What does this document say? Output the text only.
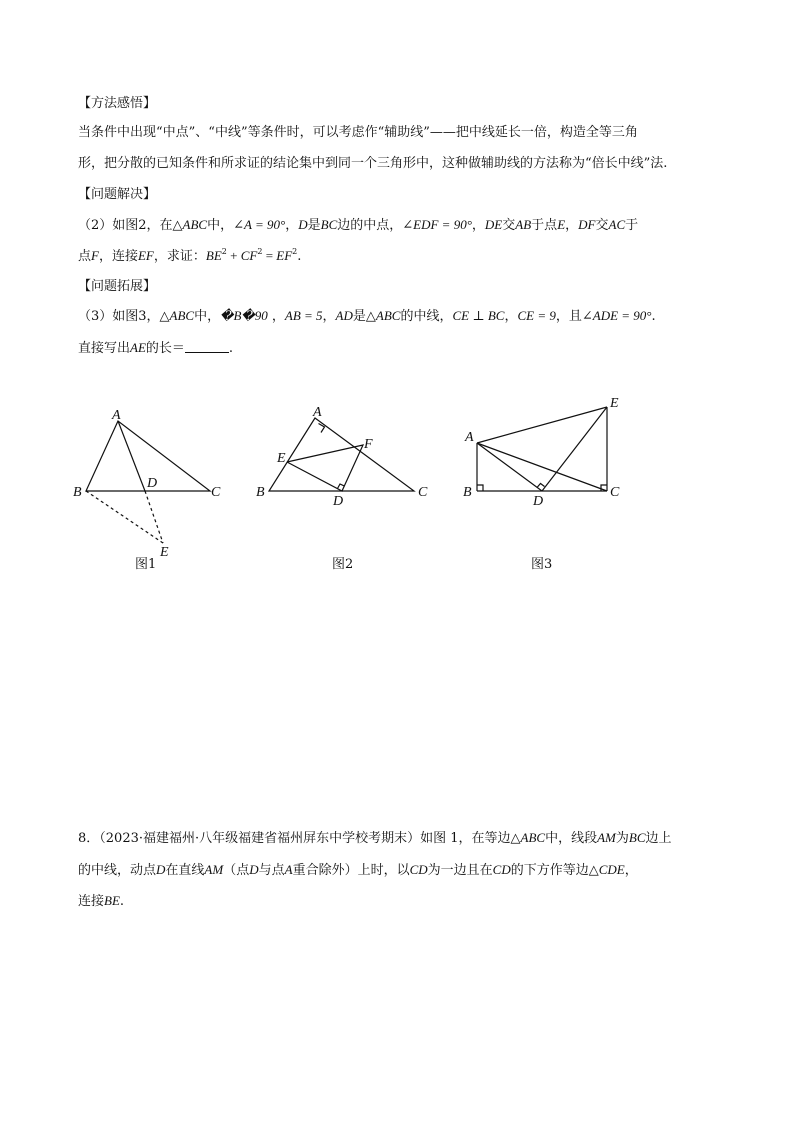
【方法感悟】
当条件中出现“中点”、“中线”等条件时，可以考虑作“辅助线”——把中线延长一倍，构造全等三角
形，把分散的已知条件和所求证的结论集中到同一个三角形中，这种做辅助线的方法称为“倍长中线”法.
【问题解决】
（2）如图2，在△ABC中，∠A = 90°，D是BC边的中点，∠EDF = 90°，DE交AB于点E，DF交AC于
点F，连接EF，求证：$BE^2 + CF^2 = EF^2$.
【问题拓展】
（3）如图3，△ABC中，�B�90 ，AB = 5，AD是△ABC的中线，CE ⊥ BC，CE = 9，且∠ADE = 90°.
直接写出AE的长＝	.
A
B	C
D
E
图1
A
B	C
D
E
F
图2
A
B	C
D
E
图3
8．（2023·福建福州·八年级福建省福州屏东中学校考期末）如图 1，在等边△ABC中，线段AM为BC边上
的中线，动点D在直线AM（点D与点A重合除外）上时，以CD为一边且在CD的下方作等边△CDE，
连接BE.
